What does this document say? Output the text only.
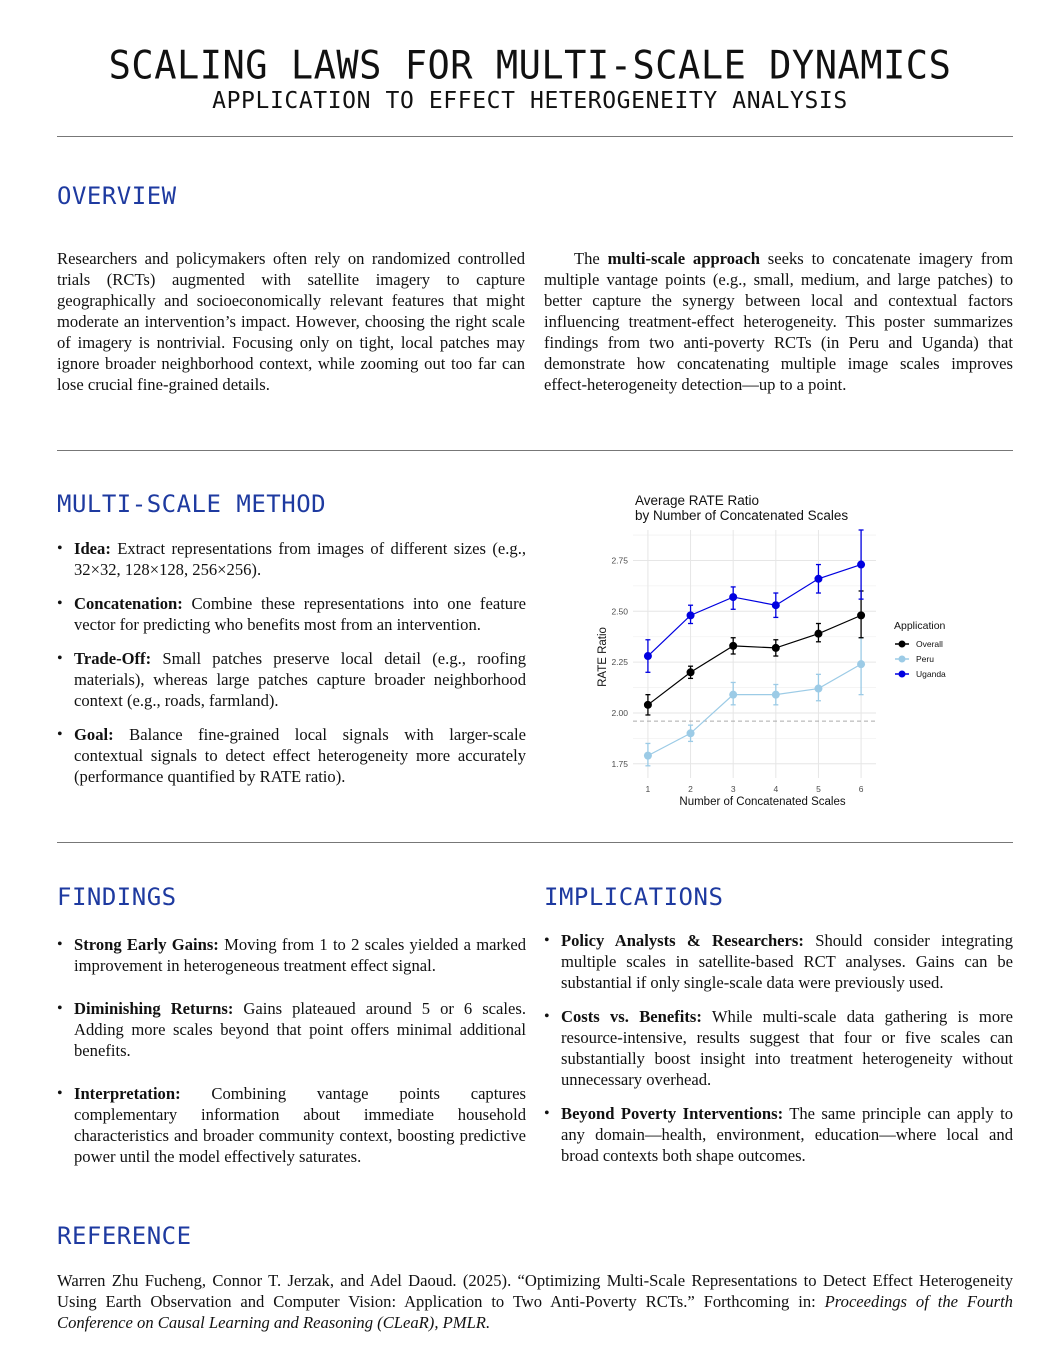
SCALING LAWS FOR MULTI-SCALE DYNAMICS
APPLICATION TO EFFECT HETEROGENEITY ANALYSIS
OVERVIEW
Researchers and policymakers often rely on randomized controlled trials (RCTs) augmented with satellite imagery to capture geographically and socioeconomically relevant features that might moderate an intervention’s impact. However, choosing the right scale of imagery is nontrivial. Focusing only on tight, local patches may ignore broader neighborhood context, while zooming out too far can lose crucial fine-grained details.
The multi-scale approach seeks to concatenate imagery from multiple vantage points (e.g., small, medium, and large patches) to better capture the synergy between local and contextual factors influencing treatment-effect heterogeneity. This poster summarizes findings from two anti-poverty RCTs (in Peru and Uganda) that demonstrate how concatenating multiple image scales improves effect-heterogeneity detection—up to a point.
MULTI-SCALE METHOD
• Idea: Extract representations from images of different sizes (e.g., 32×32, 128×128, 256×256).
• Concatenation: Combine these representations into one feature vector for predicting who benefits most from an intervention.
• Trade-Off: Small patches preserve local detail (e.g., roofing materials), whereas large patches capture broader neighborhood context (e.g., roads, farmland).
• Goal: Balance fine-grained local signals with larger-scale contextual signals to detect effect heterogeneity more accurately (performance quantified by RATE ratio).
Average RATE Ratio
by Number of Concatenated Scales
1.75
2.00
2.25
2.50
2.75
1	2	3	4	5	6
Number of Concatenated Scales
RATE Ratio
Application
Overall
Peru
Uganda
FINDINGS
• Strong Early Gains: Moving from 1 to 2 scales yielded a marked improvement in heterogeneous treatment effect signal.
• Diminishing Returns: Gains plateaued around 5 or 6 scales. Adding more scales beyond that point offers minimal additional benefits.
• Interpretation: Combining vantage points captures complementary information about immediate household characteristics and broader community context, boosting predictive power until the model effectively saturates.
IMPLICATIONS
• Policy Analysts & Researchers: Should consider integrating multiple scales in satellite-based RCT analyses. Gains can be substantial if only single-scale data were previously used.
• Costs vs. Benefits: While multi-scale data gathering is more resource-intensive, results suggest that four or five scales can substantially boost insight into treatment heterogeneity without unnecessary overhead.
• Beyond Poverty Interventions: The same principle can apply to any domain—health, environment, education—where local and broad contexts both shape outcomes.
REFERENCE
Warren Zhu Fucheng, Connor T. Jerzak, and Adel Daoud. (2025). “Optimizing Multi-Scale Representations to Detect Effect Heterogeneity Using Earth Observation and Computer Vision: Application to Two Anti-Poverty RCTs.” Forthcoming in: Proceedings of the Fourth Conference on Causal Learning and Reasoning (CLeaR), PMLR.
